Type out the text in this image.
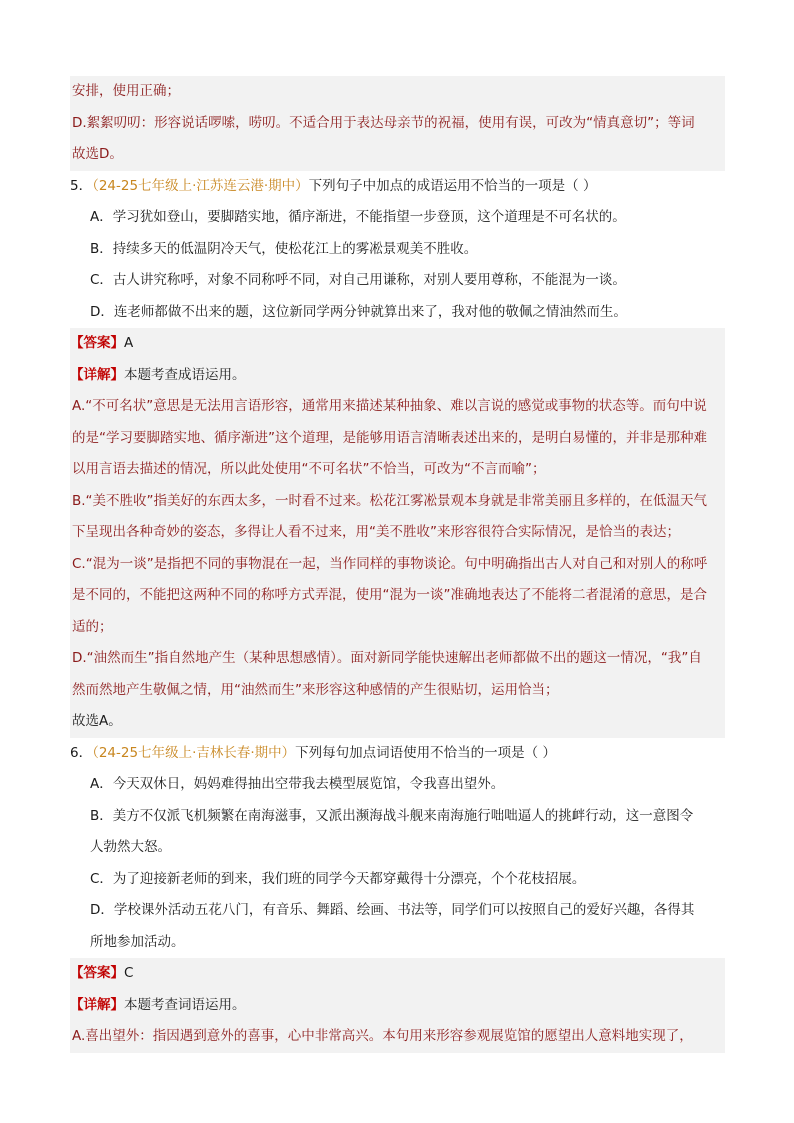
安排，使用正确；
D.絮絮叨叨：形容说话啰嗦，唠叨。不适合用于表达母亲节的祝福，使用有误，可改为“情真意切”；等词
故选D。
5．（24-25七年级上·江苏连云港·期中）下列句子中加点的成语运用不恰当的一项是（ ）
A．学习犹如登山，要脚踏实地，循序渐进，不能指望一步登顶，这个道理是不可名状的。
B．持续多天的低温阴冷天气，使松花江上的雾凇景观美不胜收。
C．古人讲究称呼，对象不同称呼不同，对自己用谦称，对别人要用尊称，不能混为一谈。
D．连老师都做不出来的题，这位新同学两分钟就算出来了，我对他的敬佩之情油然而生。
【答案】A
【详解】本题考查成语运用。
A.“不可名状”意思是无法用言语形容，通常用来描述某种抽象、难以言说的感觉或事物的状态等。而句中说
的是“学习要脚踏实地、循序渐进”这个道理，是能够用语言清晰表述出来的，是明白易懂的，并非是那种难
以用言语去描述的情况，所以此处使用“不可名状”不恰当，可改为“不言而喻”；
B.“美不胜收”指美好的东西太多，一时看不过来。松花江雾凇景观本身就是非常美丽且多样的，在低温天气
下呈现出各种奇妙的姿态，多得让人看不过来，用“美不胜收”来形容很符合实际情况，是恰当的表达；
C.“混为一谈”是指把不同的事物混在一起，当作同样的事物谈论。句中明确指出古人对自己和对别人的称呼
是不同的，不能把这两种不同的称呼方式弄混，使用“混为一谈”准确地表达了不能将二者混淆的意思，是合
适的；
D.“油然而生”指自然地产生（某种思想感情）。面对新同学能快速解出老师都做不出的题这一情况，“我”自
然而然地产生敬佩之情，用“油然而生”来形容这种感情的产生很贴切，运用恰当；
故选A。
6．（24-25七年级上·吉林长春·期中）下列每句加点词语使用不恰当的一项是（ ）
A．今天双休日，妈妈难得抽出空带我去模型展览馆，令我喜出望外。
B．美方不仅派飞机频繁在南海滋事，又派出濒海战斗舰来南海施行咄咄逼人的挑衅行动，这一意图令
人勃然大怒。
C．为了迎接新老师的到来，我们班的同学今天都穿戴得十分漂亮，个个花枝招展。
D．学校课外活动五花八门，有音乐、舞蹈、绘画、书法等，同学们可以按照自己的爱好兴趣，各得其
所地参加活动。
【答案】C
【详解】本题考查词语运用。
A.喜出望外：指因遇到意外的喜事，心中非常高兴。本句用来形容参观展览馆的愿望出人意料地实现了，
